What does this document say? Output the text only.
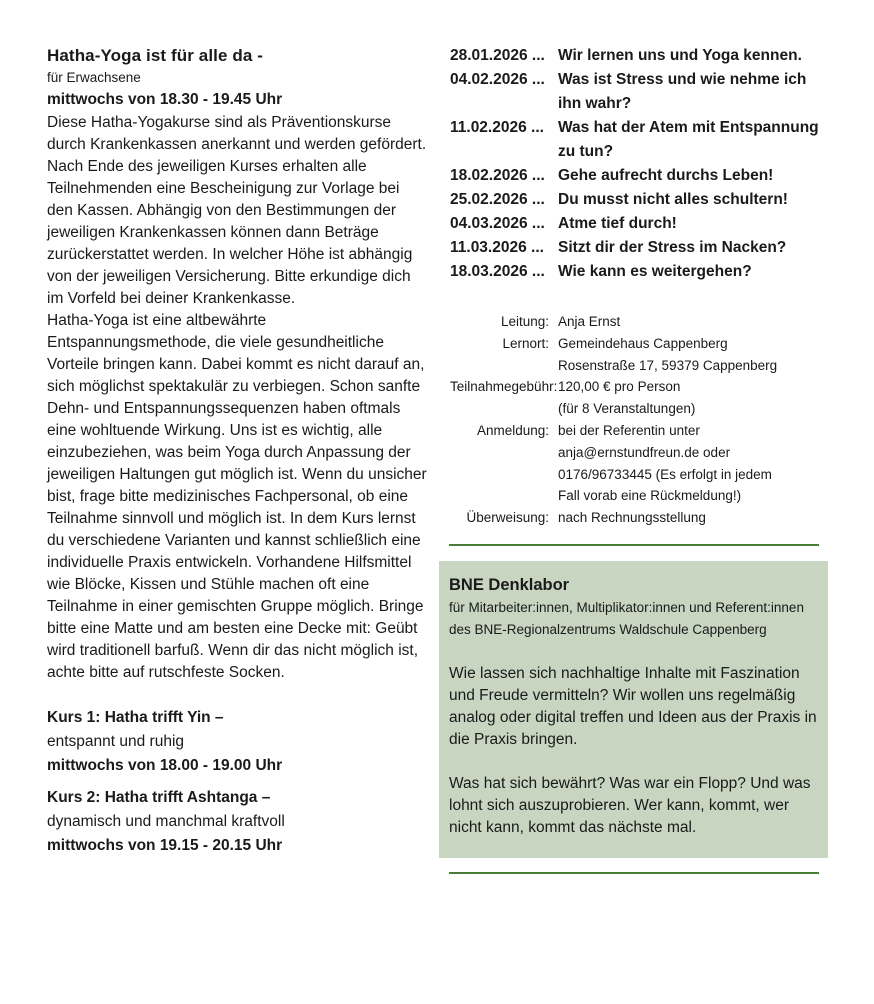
Hatha-Yoga ist für alle da -
für Erwachsene
mittwochs von 18.30 - 19.45 Uhr
Diese Hatha-Yogakurse sind als Präventionskurse durch Krankenkassen anerkannt und werden gefördert. Nach Ende des jeweiligen Kurses erhalten alle Teilnehmenden eine Bescheinigung zur Vorlage bei den Kassen. Abhängig von den Bestimmungen der jeweiligen Krankenkassen können dann Beträge zurückerstattet werden. In welcher Höhe ist abhängig von der jeweiligen Versicherung. Bitte erkundige dich im Vorfeld bei deiner Krankenkasse.
Hatha-Yoga ist eine altbewährte Entspannungsmethode, die viele gesundheitliche Vorteile bringen kann. Dabei kommt es nicht darauf an, sich möglichst spektakulär zu verbiegen. Schon sanfte Dehn- und Entspannungssequenzen haben oftmals eine wohltuende Wirkung. Uns ist es wichtig, alle einzubeziehen, was beim Yoga durch Anpassung der jeweiligen Haltungen gut möglich ist. Wenn du unsicher bist, frage bitte medizinisches Fachpersonal, ob eine Teilnahme sinnvoll und möglich ist. In dem Kurs lernst du verschiedene Varianten und kannst schließlich eine individuelle Praxis entwickeln. Vorhandene Hilfsmittel wie Blöcke, Kissen und Stühle machen oft eine Teilnahme in einer gemischten Gruppe möglich. Bringe bitte eine Matte und am besten eine Decke mit: Geübt wird traditionell barfuß. Wenn dir das nicht möglich ist, achte bitte auf rutschfeste Socken.
Kurs 1: Hatha trifft Yin –
entspannt und ruhig
mittwochs von 18.00 - 19.00 Uhr
Kurs 2: Hatha trifft Ashtanga –
dynamisch und manchmal kraftvoll
mittwochs von 19.15 - 20.15 Uhr
28.01.2026 ... Wir lernen uns und Yoga kennen.
04.02.2026 ... Was ist Stress und wie nehme ich ihn wahr?
11.02.2026 ... Was hat der Atem mit Entspannung zu tun?
18.02.2026 ... Gehe aufrecht durchs Leben!
25.02.2026 ... Du musst nicht alles schultern!
04.03.2026 ... Atme tief durch!
11.03.2026 ... Sitzt dir der Stress im Nacken?
18.03.2026 ... Wie kann es weitergehen?
Leitung: Anja Ernst
Lernort: Gemeindehaus Cappenberg
Rosenstraße 17, 59379 Cappenberg
Teilnahmegebühr: 120,00 € pro Person
(für 8 Veranstaltungen)
Anmeldung: bei der Referentin unter
anja@ernstundfreun.de oder
0176/96733445 (Es erfolgt in jedem
Fall vorab eine Rückmeldung!)
Überweisung: nach Rechnungsstellung
BNE Denklabor
für Mitarbeiter:innen, Multiplikator:innen und Referent:innen des BNE-Regionalzentrums Waldschule Cappenberg
Wie lassen sich nachhaltige Inhalte mit Faszination und Freude vermitteln? Wir wollen uns regelmäßig analog oder digital treffen und Ideen aus der Praxis in die Praxis bringen.
Was hat sich bewährt? Was war ein Flopp? Und was lohnt sich auszuprobieren. Wer kann, kommt, wer nicht kann, kommt das nächste mal.
